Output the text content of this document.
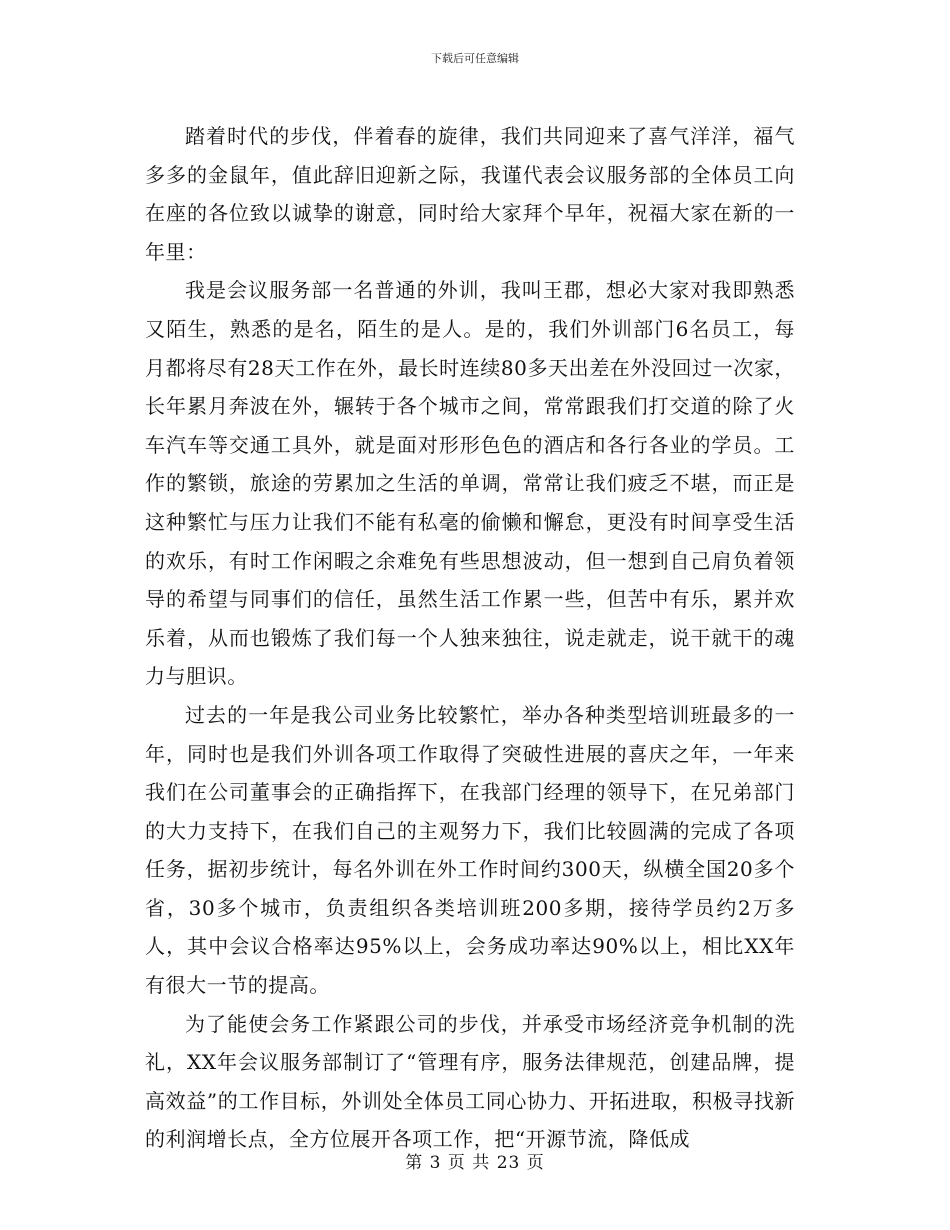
下载后可任意编辑

踏着时代的步伐，伴着春的旋律，我们共同迎来了喜气洋洋，福气多多的金鼠年，值此辞旧迎新之际，我谨代表会议服务部的全体员工向在座的各位致以诚挚的谢意，同时给大家拜个早年，祝福大家在新的一年里：

我是会议服务部一名普通的外训，我叫王郡，想必大家对我即熟悉又陌生，熟悉的是名，陌生的是人。是的，我们外训部门6名员工，每月都将尽有28天工作在外，最长时连续80多天出差在外没回过一次家，长年累月奔波在外，辗转于各个城市之间，常常跟我们打交道的除了火车汽车等交通工具外，就是面对形形色色的酒店和各行各业的学员。工作的繁锁，旅途的劳累加之生活的单调，常常让我们疲乏不堪，而正是这种繁忙与压力让我们不能有私毫的偷懒和懈怠，更没有时间享受生活的欢乐，有时工作闲暇之余难免有些思想波动，但一想到自己肩负着领导的希望与同事们的信任，虽然生活工作累一些，但苦中有乐，累并欢乐着，从而也锻炼了我们每一个人独来独往，说走就走，说干就干的魂力与胆识。

过去的一年是我公司业务比较繁忙，举办各种类型培训班最多的一年，同时也是我们外训各项工作取得了突破性进展的喜庆之年，一年来我们在公司董事会的正确指挥下，在我部门经理的领导下，在兄弟部门的大力支持下，在我们自己的主观努力下，我们比较圆满的完成了各项任务，据初步统计，每名外训在外工作时间约300天，纵横全国20多个省，30多个城市，负责组织各类培训班200多期，接待学员约2万多人，其中会议合格率达95%以上，会务成功率达90%以上，相比XX年有很大一节的提高。

为了能使会务工作紧跟公司的步伐，并承受市场经济竞争机制的洗礼，XX年会议服务部制订了“管理有序，服务法律规范，创建品牌，提高效益”的工作目标，外训处全体员工同心协力、开拓进取，积极寻找新的利润增长点，全方位展开各项工作，把“开源节流，降低成

第 3 页 共 23 页
